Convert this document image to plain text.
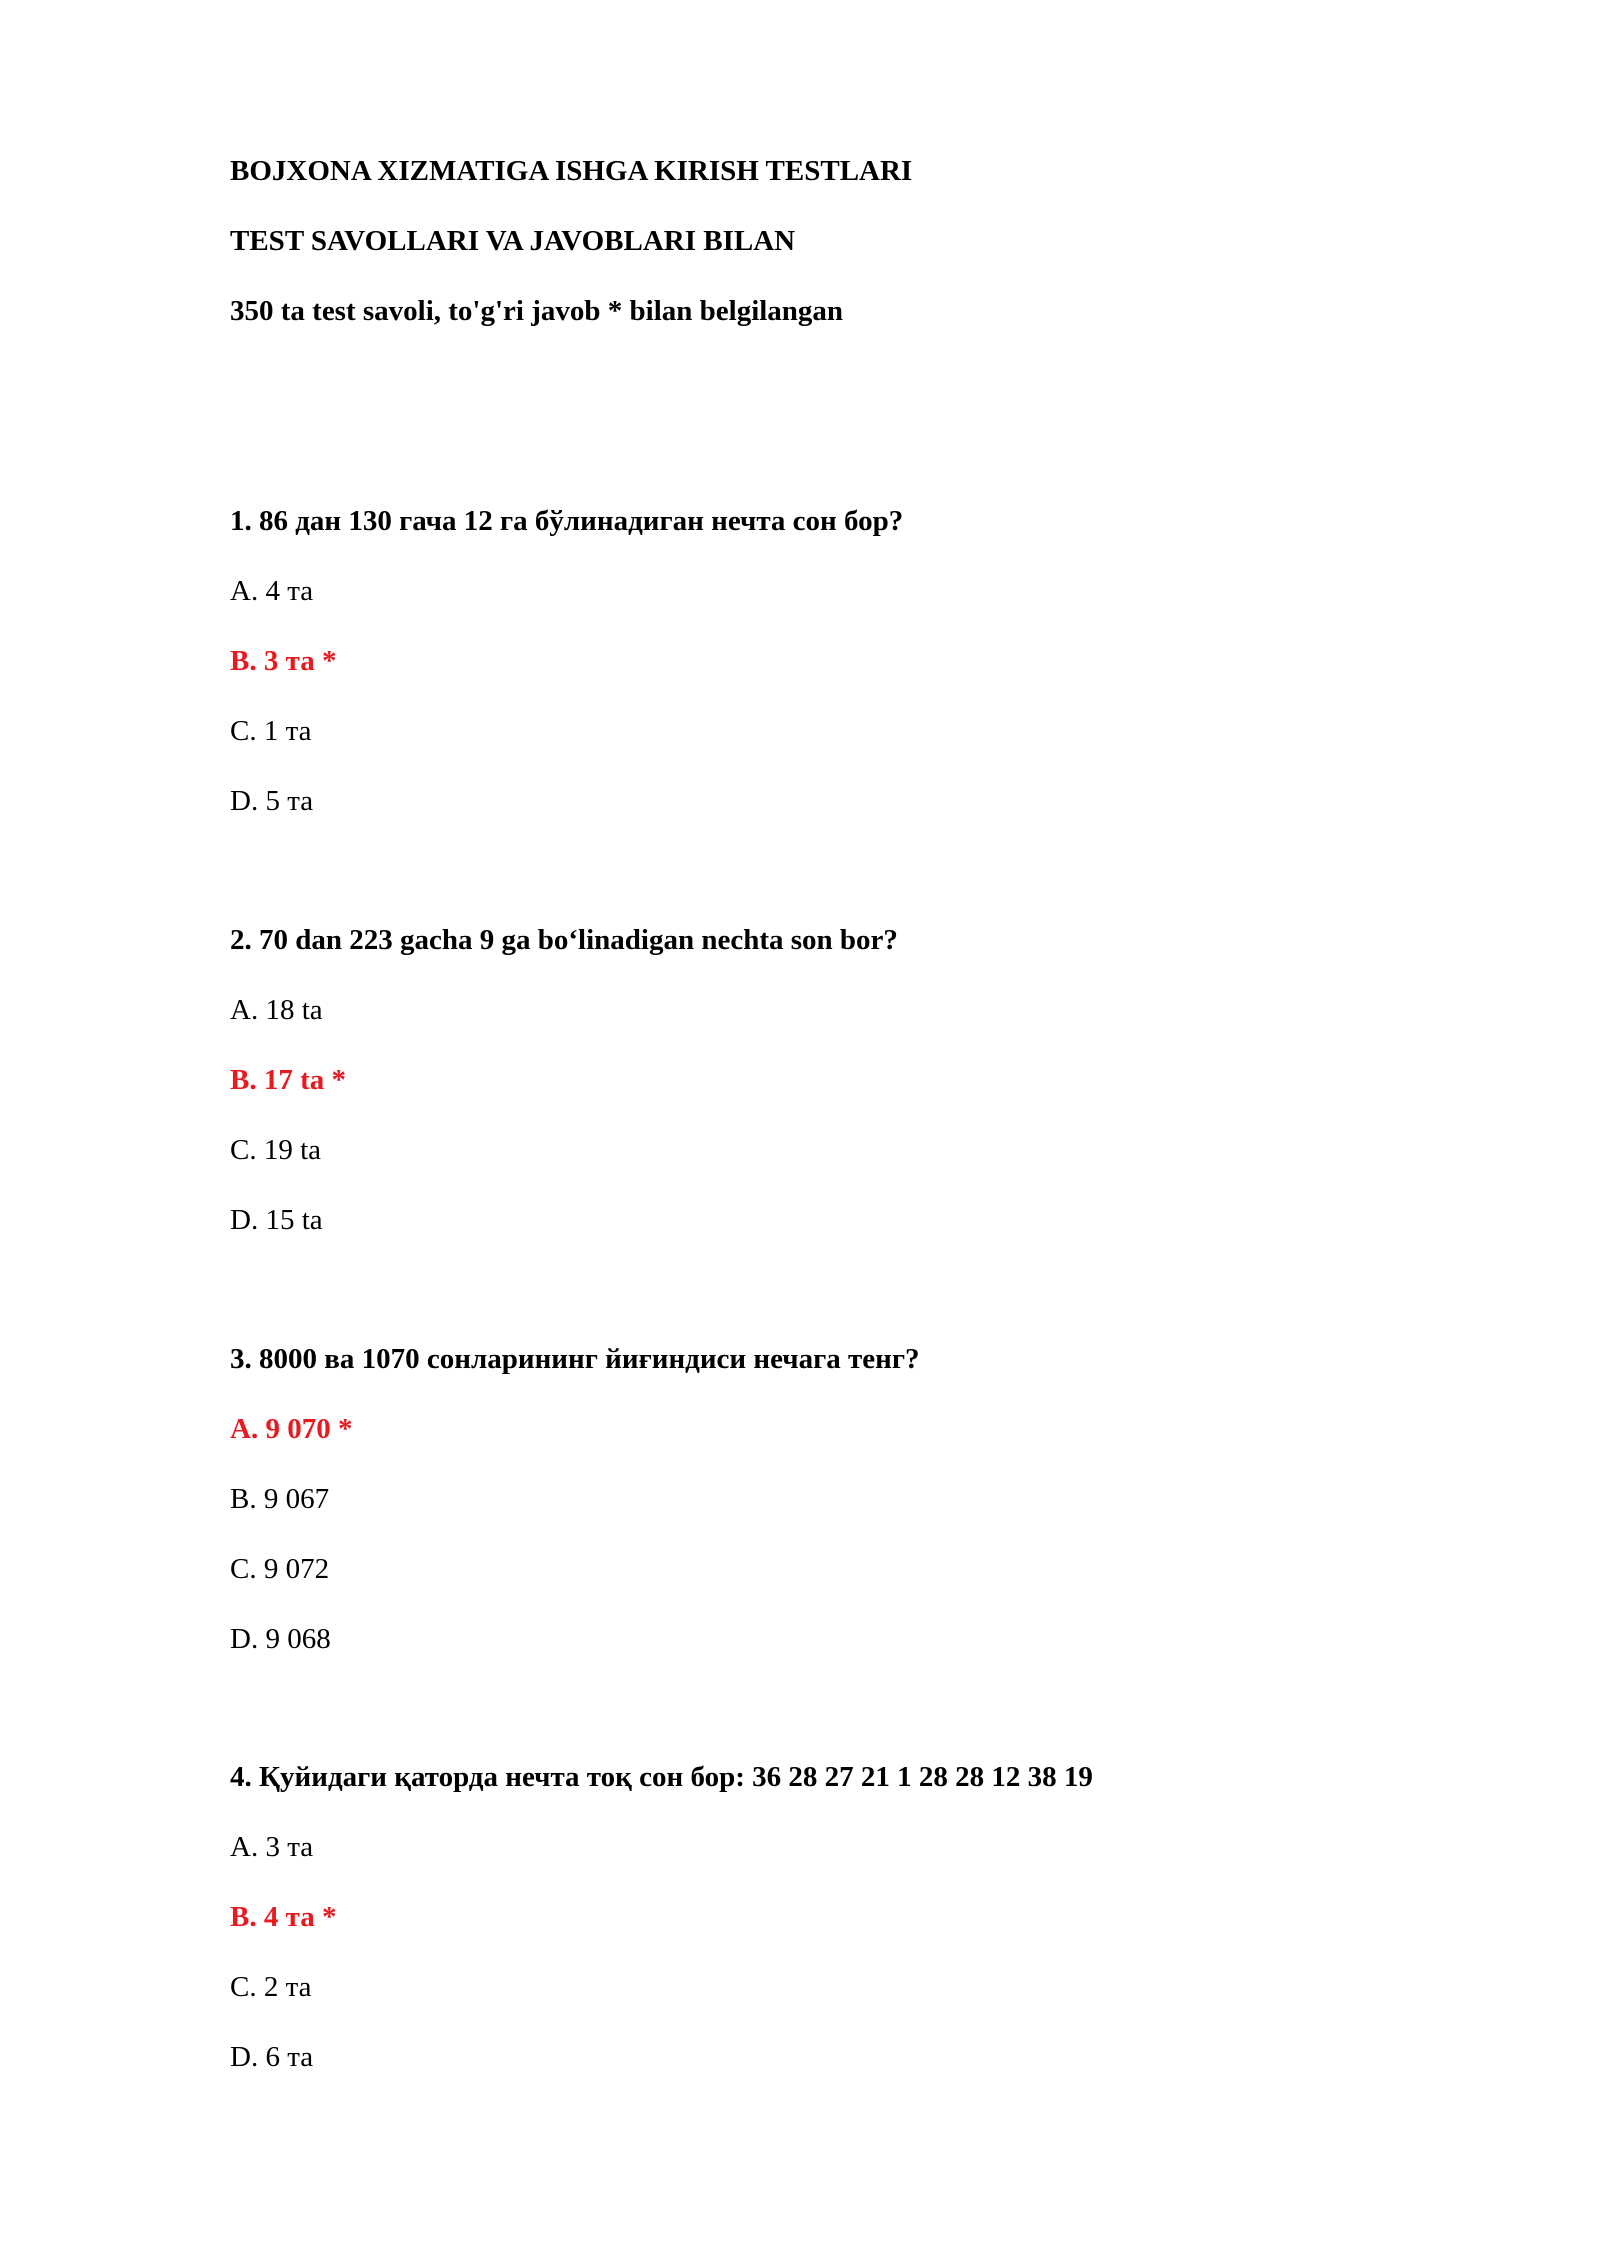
BOJXONA XIZMATIGA ISHGA KIRISH TESTLARI
TEST SAVOLLARI VA JAVOBLARI BILAN
350 ta test savoli, to'g'ri javob * bilan belgilangan
1. 86 дан 130 гача 12 га бўлинадиган нечта сон бор?
A. 4 та
B. 3 та *
C. 1 та
D. 5 та
2. 70 dan 223 gacha 9 ga bo‘linadigan nechta son bor?
A. 18 ta
B. 17 ta *
C. 19 ta
D. 15 ta
3. 8000 ва 1070 сонларининг йиғиндиси нечага тенг?
A. 9 070 *
B. 9 067
C. 9 072
D. 9 068
4. Қуйидаги қаторда нечта тоқ сон бор: 36 28 27 21 1 28 28 12 38 19
A. 3 та
B. 4 та *
C. 2 та
D. 6 та
